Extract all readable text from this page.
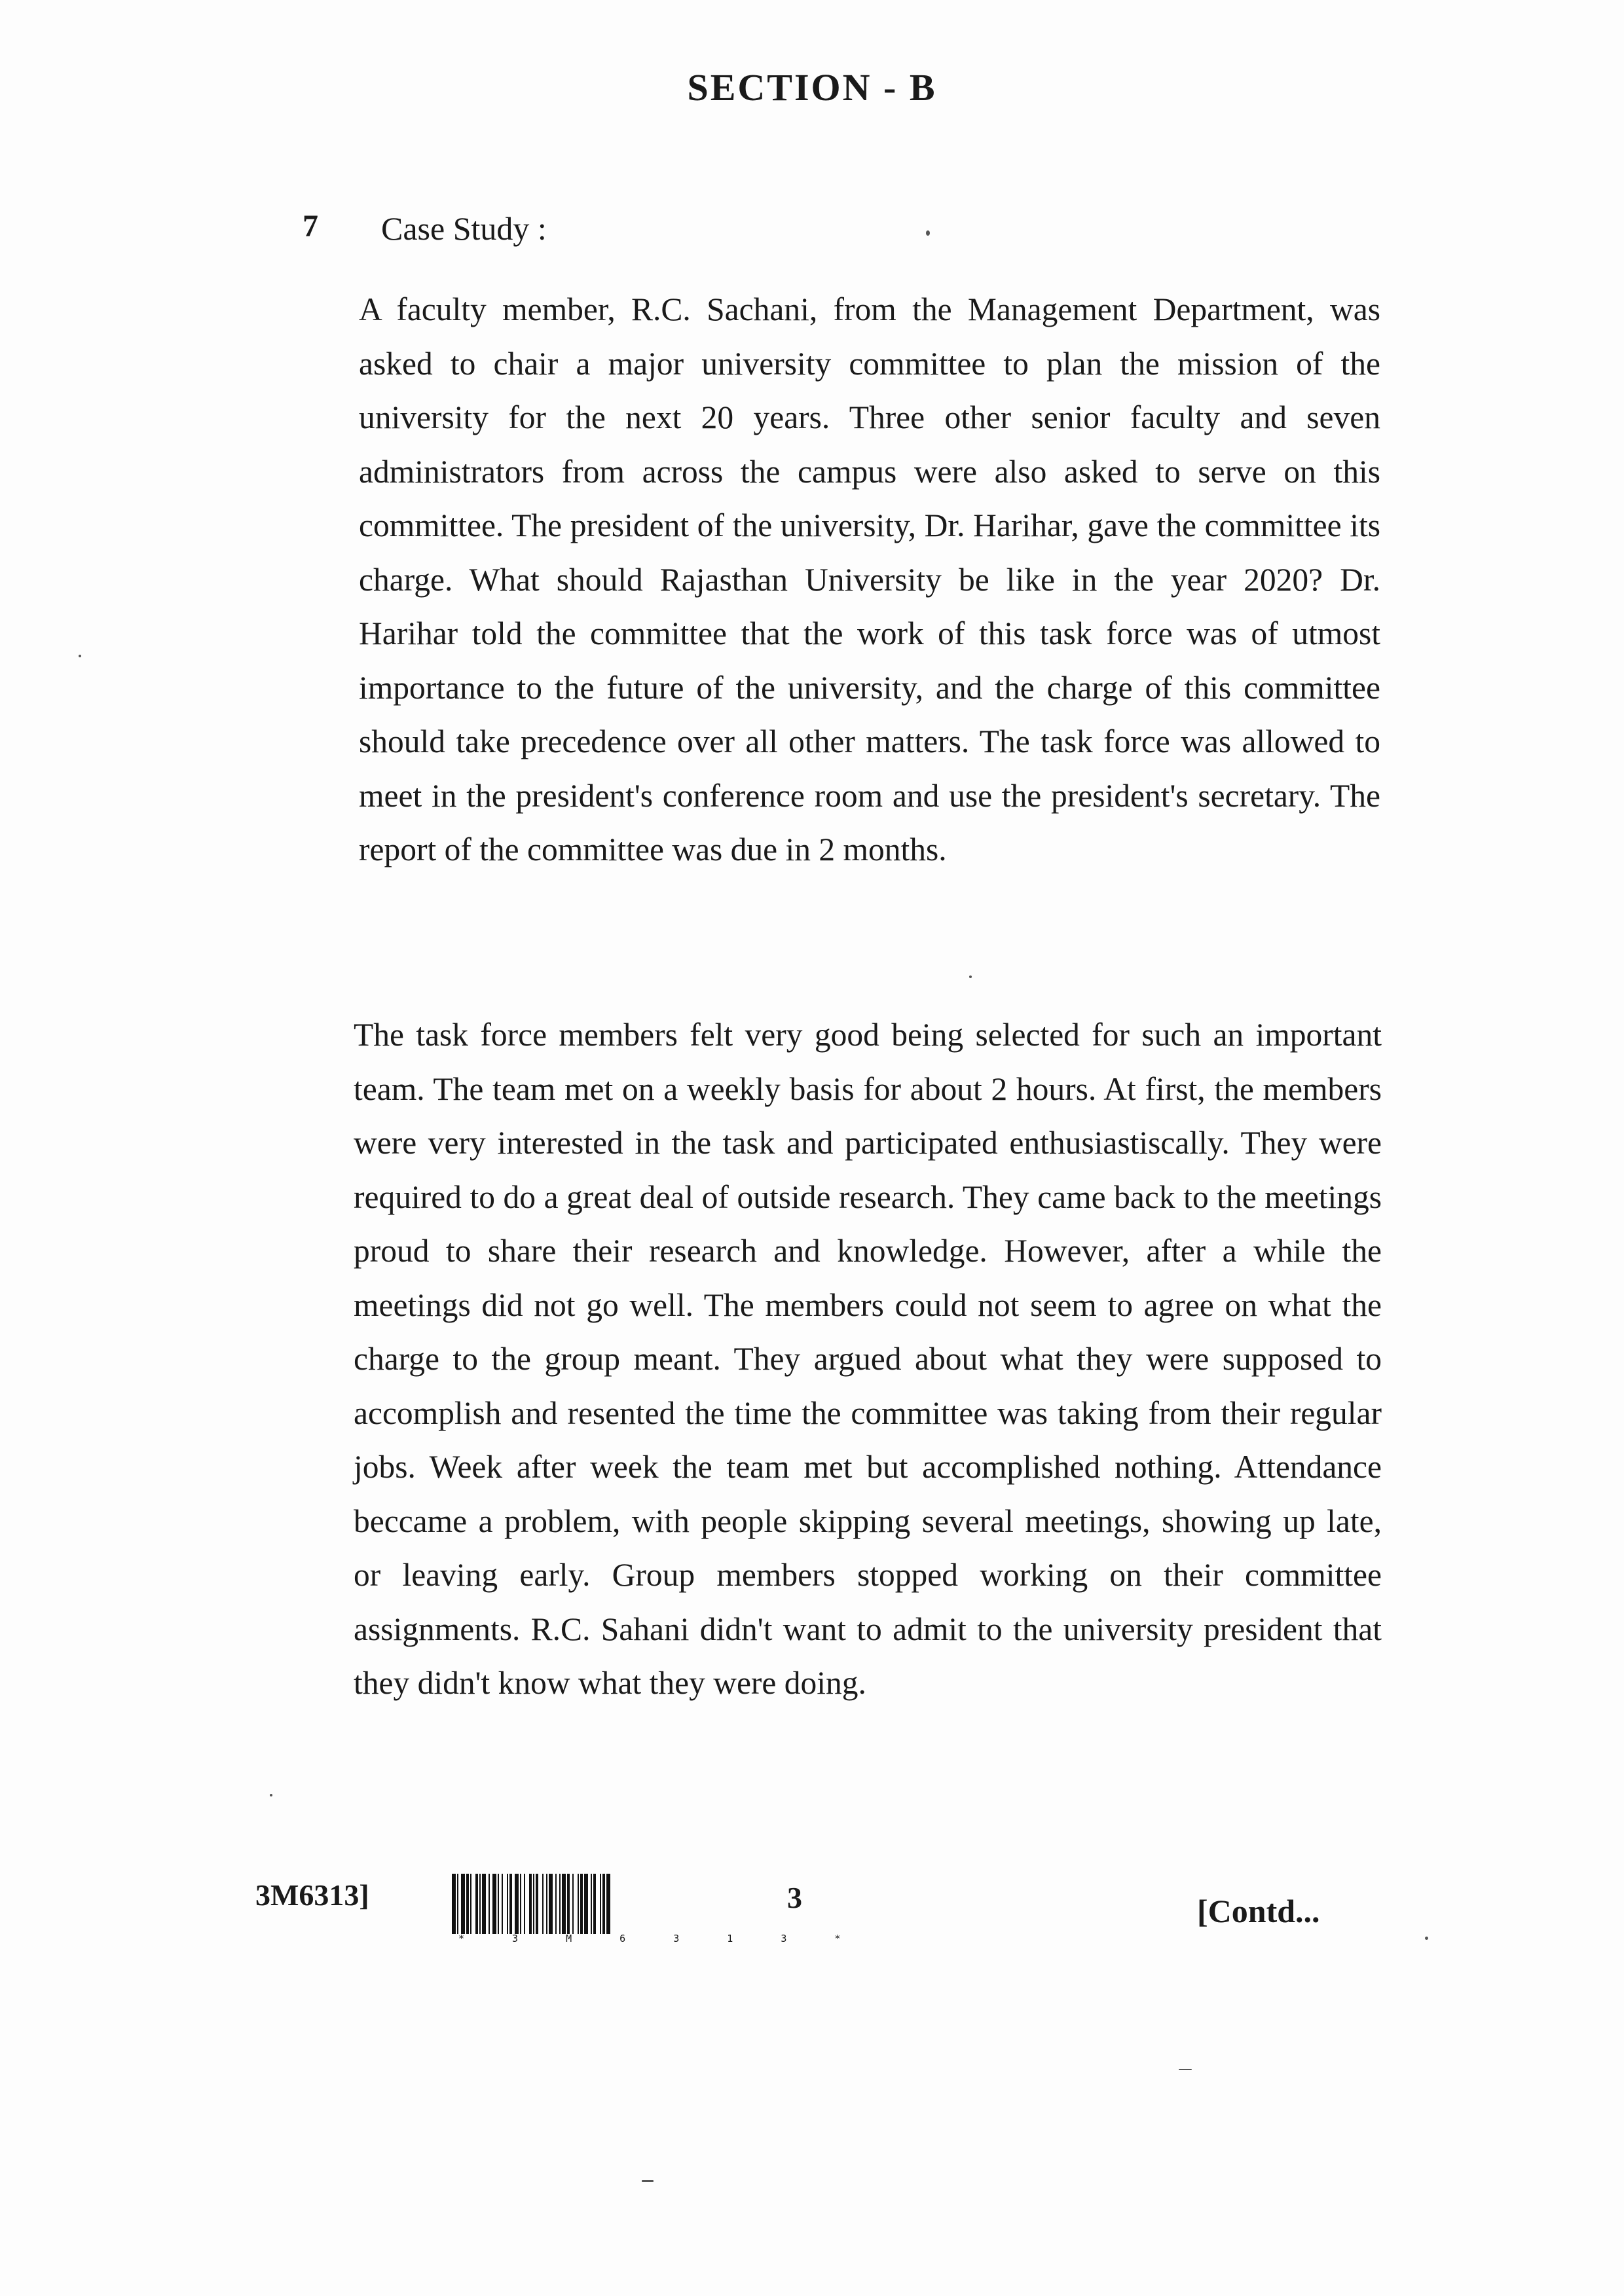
SECTION - B
7 Case Study :

A faculty member, R.C. Sachani, from the Management Department, was asked to chair a major university committee to plan the mission of the university for the next 20 years. Three other senior faculty and seven administrators from across the campus were also asked to serve on this committee. The president of the university, Dr. Harihar, gave the committee its charge. What should Rajasthan University be like in the year 2020? Dr. Harihar told the committee that the work of this task force was of utmost importance to the future of the university, and the charge of this committee should take precedence over all other matters. The task force was allowed to meet in the president's conference room and use the president's secretary. The report of the committee was due in 2 months.

The task force members felt very good being selected for such an important team. The team met on a weekly basis for about 2 hours. At first, the members were very interested in the task and participated enthusiastiscally. They were required to do a great deal of outside research. They came back to the meetings proud to share their research and knowledge. However, after a while the meetings did not go well. The members could not seem to agree on what the charge to the group meant. They argued about what they were supposed to accomplish and resented the time the committee was taking from their regular jobs. Week after week the team met but accomplished nothing. Attendance beccame a problem, with people skipping several meetings, showing up late, or leaving early. Group members stopped working on their committee assignments. R.C. Sahani didn't want to admit to the university president that they didn't know what they were doing.

3M6313]
* 3 M 6 3 1 3 *
3	[Contd...
